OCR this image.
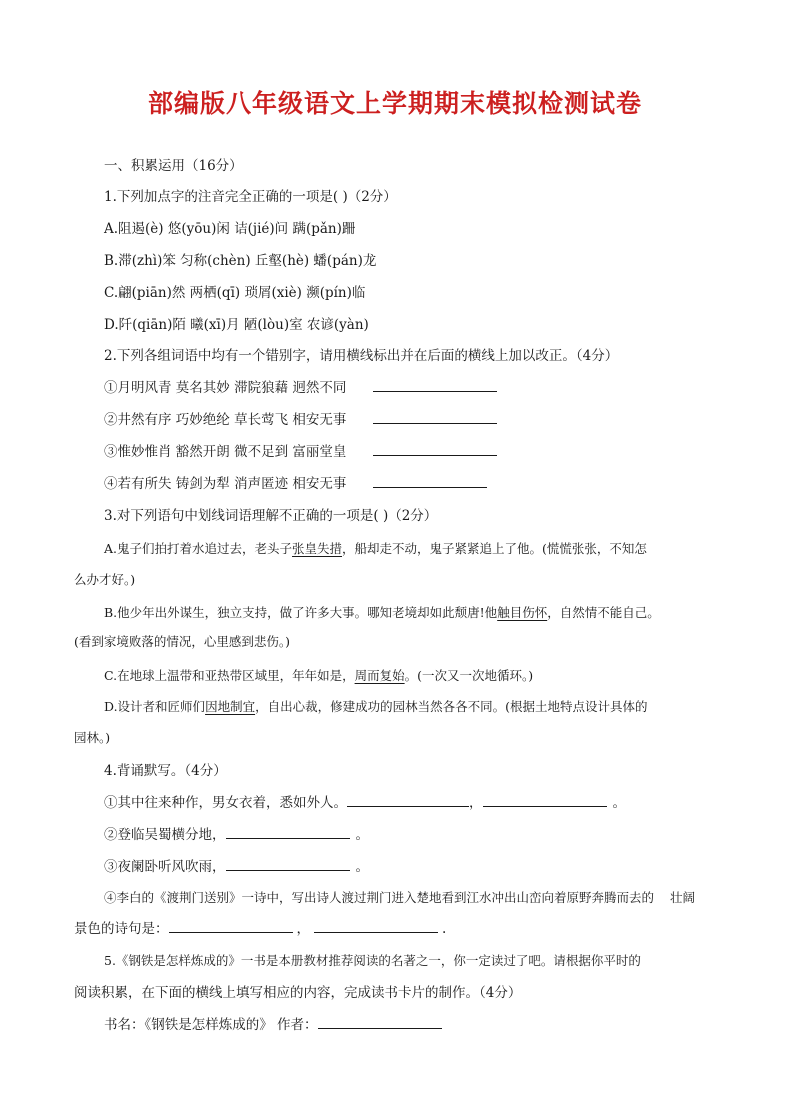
部编版八年级语文上学期期末模拟检测试卷
一、积累运用（16分）
1.下列加点字的注音完全正确的一项是( )（2分）
A.阻遏(è) 悠(yōu)闲 诘(jié)问 蹒(pǎn)跚
B.滞(zhì)笨 匀称(chèn) 丘壑(hè) 蟠(pán)龙
C.翩(piān)然 两栖(qī) 琐屑(xiè) 濒(pín)临
D.阡(qiān)陌 曦(xī)月 陋(lòu)室 农谚(yàn)
2.下列各组词语中均有一个错别字，请用横线标出并在后面的横线上加以改正。（4分）
①月明风青 莫名其妙 滞院狼藉 迥然不同
②井然有序 巧妙绝纶 草长莺飞 相安无事
③惟妙惟肖 豁然开朗 微不足到 富丽堂皇
④若有所失 铸剑为犁 消声匿迹 相安无事
3.对下列语句中划线词语理解不正确的一项是( )（2分）
A.鬼子们拍打着水追过去，老头子张皇失措，船却走不动，鬼子紧紧追上了他。(慌慌张张，不知怎
么办才好。)
B.他少年出外谋生，独立支持，做了许多大事。哪知老境却如此颓唐!他触目伤怀，自然情不能自己。
(看到家境败落的情况，心里感到悲伤。)
C.在地球上温带和亚热带区域里，年年如是，周而复始。(一次又一次地循环。)
D.设计者和匠师们因地制宜，自出心裁，修建成功的园林当然各各不同。(根据土地特点设计具体的
园林。)
4.背诵默写。（4分）
①其中往来种作，男女衣着，悉如外人。	，	。
②登临吴蜀横分地，	。
③夜阑卧听风吹雨，	。
④李白的《渡荆门送别》一诗中，写出诗人渡过荆门进入楚地看到江水冲出山峦向着原野奔腾而去的 壮阔
景色的诗句是：	，	.
5.《钢铁是怎样炼成的》一书是本册教材推荐阅读的名著之一，你一定读过了吧。请根据你平时的
阅读积累，在下面的横线上填写相应的内容，完成读书卡片的制作。（4分）
书名：《钢铁是怎样炼成的》 作者：
